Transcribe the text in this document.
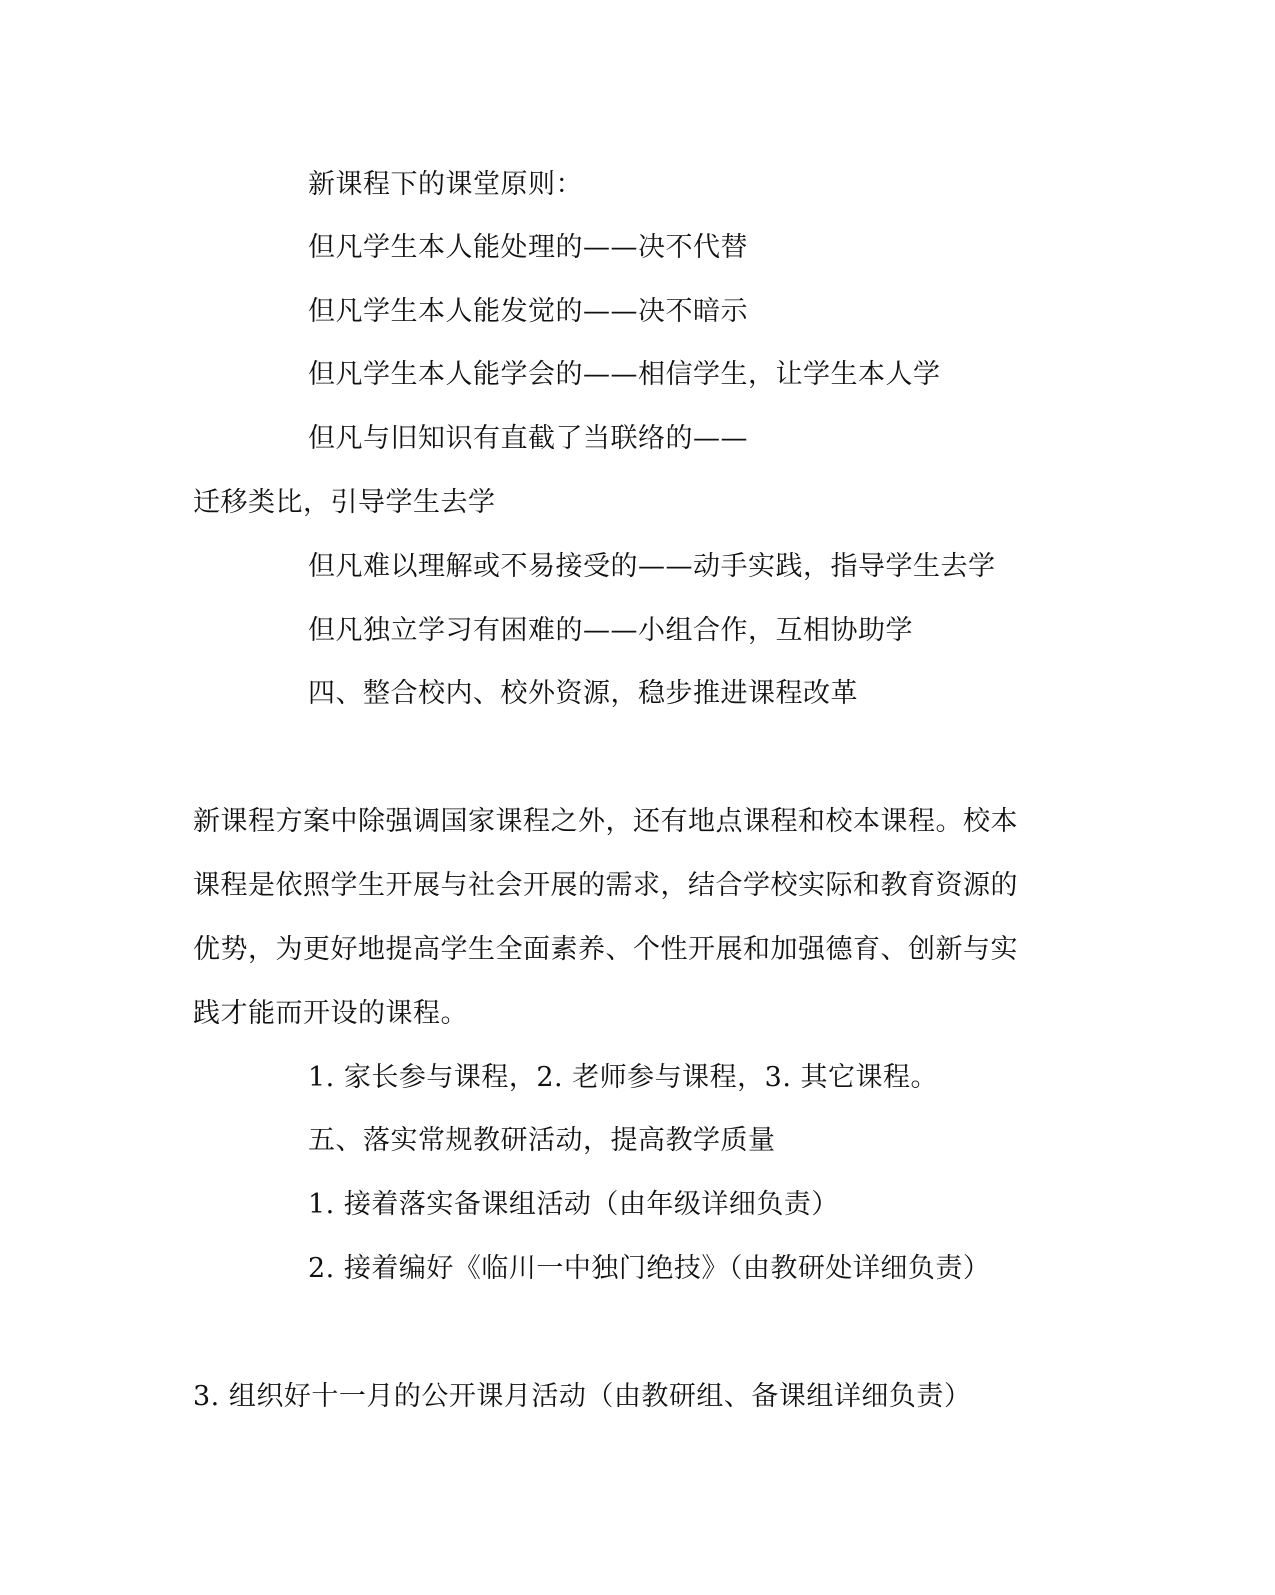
新课程下的课堂原则：
但凡学生本人能处理的——决不代替
但凡学生本人能发觉的——决不暗示
但凡学生本人能学会的——相信学生，让学生本人学
但凡与旧知识有直截了当联络的——
迁移类比，引导学生去学
但凡难以理解或不易接受的——动手实践，指导学生去学
但凡独立学习有困难的——小组合作，互相协助学
四、整合校内、校外资源，稳步推进课程改革
新课程方案中除强调国家课程之外，还有地点课程和校本课程。校本
课程是依照学生开展与社会开展的需求，结合学校实际和教育资源的
优势，为更好地提高学生全面素养、个性开展和加强德育、创新与实
践才能而开设的课程。
1. 家长参与课程，2. 老师参与课程，3. 其它课程。
五、落实常规教研活动，提高教学质量
1. 接着落实备课组活动（由年级详细负责）
2. 接着编好《临川一中独门绝技》（由教研处详细负责）
3. 组织好十一月的公开课月活动（由教研组、备课组详细负责）
